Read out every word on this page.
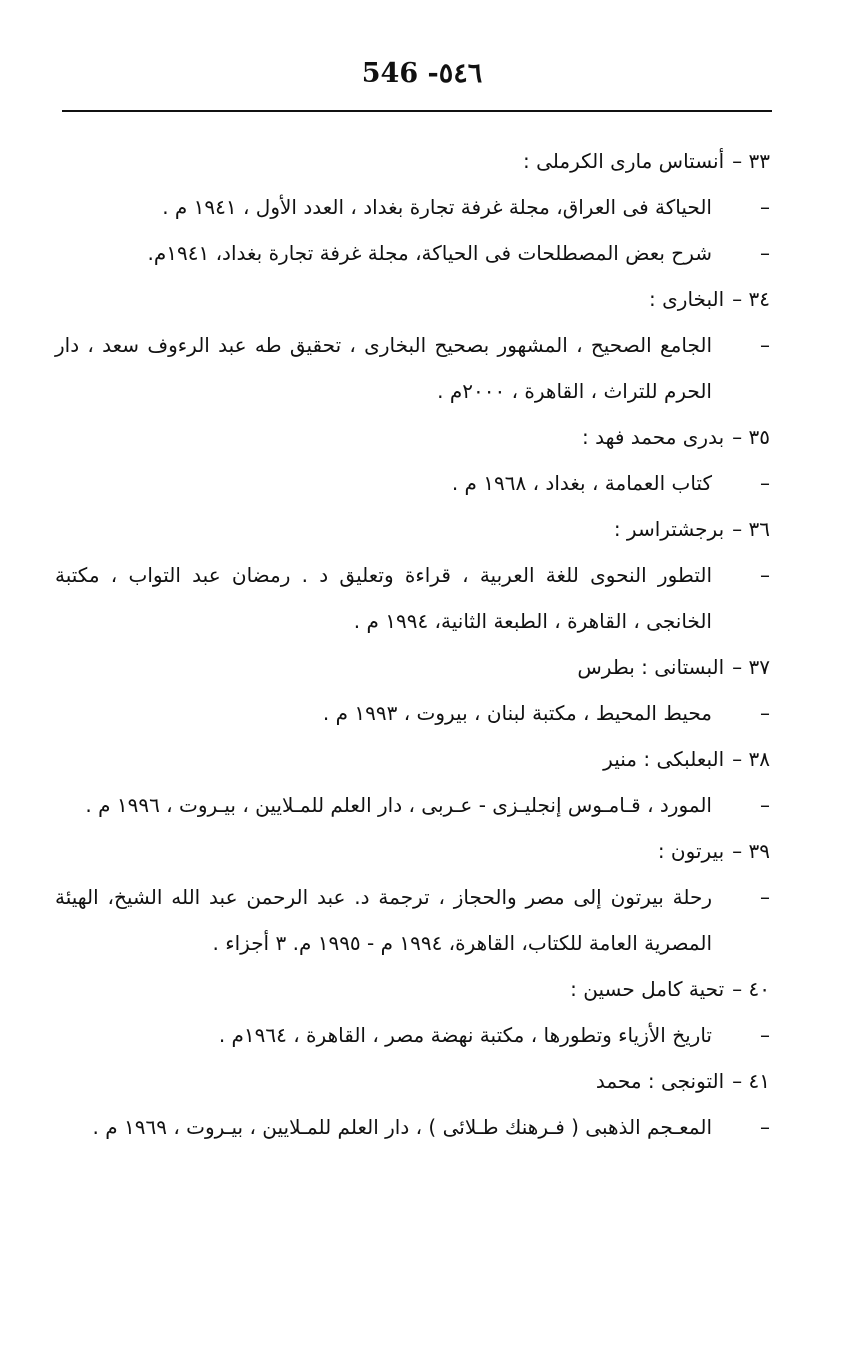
546 -٥٤٦
٣٣ –أنستاس مارى الكرملى :
–
الحياكة فى العراق، مجلة غرفة تجارة بغداد ، العدد الأول ، ١٩٤١ م .
–
شرح بعض المصطلحات فى الحياكة، مجلة غرفة تجارة بغداد، ١٩٤١م.
٣٤ –البخارى :
–
الجامع الصحيح ، المشهور بصحيح البخارى ، تحقيق طه عبد الرءوف سعد ، دار الحرم للتراث ، القاهرة ، ٢٠٠٠م .
٣٥ –بدرى محمد فهد :
–
كتاب العمامة ، بغداد ، ١٩٦٨ م .
٣٦ –برجشتراسر :
–
التطور النحوى للغة العربية ، قراءة وتعليق د . رمضان عبد التواب ، مكتبة الخانجى ، القاهرة ، الطبعة الثانية، ١٩٩٤ م .
٣٧ –البستانى : بطرس
–
محيط المحيط ، مكتبة لبنان ، بيروت ، ١٩٩٣ م .
٣٨ –البعلبكى : منير
–
المورد ، قـامـوس إنجليـزى - عـربى ، دار العلم للمـلايين ، بيـروت ، ١٩٩٦ م .
٣٩ –بيرتون :
–
رحلة بيرتون إلى مصر والحجاز ، ترجمة د. عبد الرحمن عبد الله الشيخ، الهيئة المصرية العامة للكتاب، القاهرة، ١٩٩٤ م - ١٩٩٥ م. ٣ أجزاء .
٤٠ –تحية كامل حسين :
–
تاريخ الأزياء وتطورها ، مكتبة نهضة مصر ، القاهرة ، ١٩٦٤م .
٤١ –التونجى : محمد
–
المعـجم الذهبى ( فـرهنك طـلائى ) ، دار العلم للمـلايين ، بيـروت ، ١٩٦٩ م .
